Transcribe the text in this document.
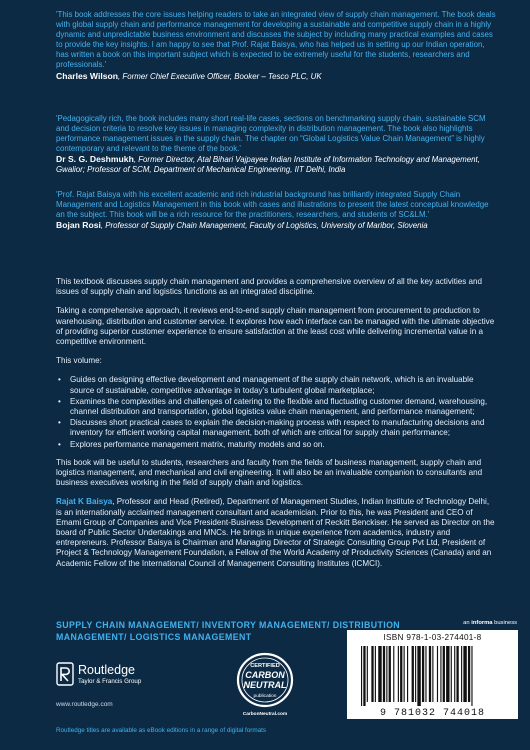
'This book addresses the core issues helping readers to take an integrated view of supply chain management. The book deals with global supply chain and performance management for developing a sustainable and competitive supply chain in a highly dynamic and unpredictable business environment and discusses the subject by including many practical examples and cases to provide the key insights. I am happy to see that Prof. Rajat Baisya, who has helped us in setting up our Indian operation, has written a book on this important subject which is expected to be extremely useful for the students, researchers and professionals.'

Charles Wilson, Former Chief Executive Officer, Booker – Tesco PLC, UK

'Pedagogically rich, the book includes many short real-life cases, sections on benchmarking supply chain, sustainable SCM and decision criteria to resolve key issues in managing complexity in distribution management. The book also highlights performance management issues in the supply chain. The chapter on “Global Logistics Value Chain Management” is highly contemporary and relevant to the theme of the book.'

Dr S. G. Deshmukh, Former Director, Atal Bihari Vajpayee Indian Institute of Information Technology and Management, Gwalior; Professor of SCM, Department of Mechanical Engineering, IIT Delhi, India

'Prof. Rajat Baisya with his excellent academic and rich industrial background has brilliantly integrated Supply Chain Management and Logistics Management in this book with cases and illustrations to present the latest conceptual knowledge an the subject. This book will be a rich resource for the practitioners, researchers, and students of SC&LM.'

Bojan Rosi, Professor of Supply Chain Management, Faculty of Logistics, University of Maribor, Slovenia

This textbook discusses supply chain management and provides a comprehensive overview of all the key activities and issues of supply chain and logistics functions as an integrated discipline.

Taking a comprehensive approach, it reviews end-to-end supply chain management from procurement to production to warehousing, distribution and customer service. It explores how each interface can be managed with the ultimate objective of providing superior customer experience to ensure satisfaction at the least cost while delivering incremental value in a competitive environment.

This volume:

• Guides on designing effective development and management of the supply chain network, which is an invaluable source of sustainable, competitive advantage in today’s turbulent global marketplace;
• Examines the complexities and challenges of catering to the flexible and fluctuating customer demand, warehousing, channel distribution and transportation, global logistics value chain management, and performance management;
• Discusses short practical cases to explain the decision-making process with respect to manufacturing decisions and inventory for efficient working capital management, both of which are critical for supply chain performance;
• Explores performance management matrix, maturity models and so on.

This book will be useful to students, researchers and faculty from the fields of business management, supply chain and logistics management, and mechanical and civil engineering. It will also be an invaluable companion to consultants and business executives working in the field of supply chain and logistics.

Rajat K Baisya, Professor and Head (Retired), Department of Management Studies, Indian Institute of Technology Delhi, is an internationally acclaimed management consultant and academician. Prior to this, he was President and CEO of Emami Group of Companies and Vice President-Business Development of Reckitt Benckiser. He served as Director on the board of Public Sector Undertakings and MNCs. He brings in unique experience from academics, industry and entrepreneurs. Professor Baisya is Chairman and Managing Director of Strategic Consulting Group Pvt Ltd, President of Project & Technology Management Foundation, a Fellow of the World Academy of Productivity Sciences (Canada) and an Academic Fellow of the International Council of Management Consulting Institutes (ICMCI).

SUPPLY CHAIN MANAGEMENT/ INVENTORY MANAGEMENT/ DISTRIBUTION MANAGEMENT/ LOGISTICS MANAGEMENT
Routledge
Taylor & Francis Group
www.routledge.com
CERTIFIED
CARBON
NEUTRAL
publication
CarbonNeutral.com
an informa business
ISBN 978-1-03-274401-8
9 781032 744018
Routledge titles are available as eBook editions in a range of digital formats
